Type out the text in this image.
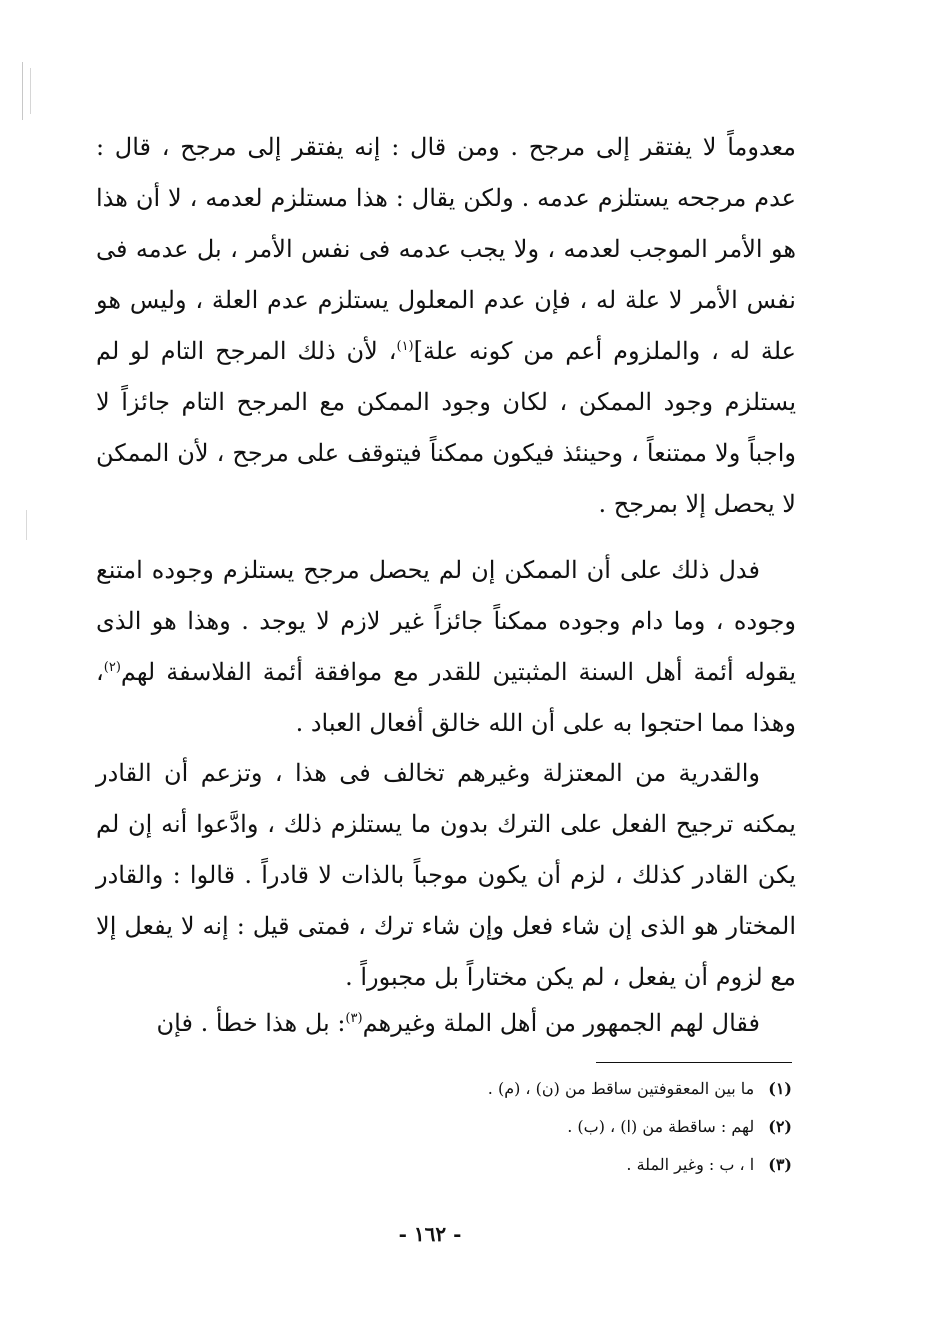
معدوماً لا يفتقر إلى مرجح . ومن قال : إنه يفتقر إلى مرجح ، قال : عدم مرجحه يستلزم عدمه . ولكن يقال : هذا مستلزم لعدمه ، لا أن هذا هو الأمر الموجب لعدمه ، ولا يجب عدمه فى نفس الأمر ، بل عدمه فى نفس الأمر لا علة له ، فإن عدم المعلول يستلزم عدم العلة ، وليس هو علة له ، والملزوم أعم من كونه علة]$^{(١)}$، لأن ذلك المرجح التام لو لم يستلزم وجود الممكن ، لكان وجود الممكن مع المرجح التام جائزاً لا واجباً ولا ممتنعاً ، وحينئذ فيكون ممكناً فيتوقف على مرجح ، لأن الممكن لا يحصل إلا بمرجح .

فدل ذلك على أن الممكن إن لم يحصل مرجح يستلزم وجوده امتنع وجوده ، وما دام وجوده ممكناً جائزاً غير لازم لا يوجد . وهذا هو الذى يقوله أئمة أهل السنة المثبتين للقدر مع موافقة أئمة الفلاسفة لهم$^{(٢)}$، وهذا مما احتجوا به على أن الله خالق أفعال العباد .

والقدرية من المعتزلة وغيرهم تخالف فى هذا ، وتزعم أن القادر يمكنه ترجيح الفعل على الترك بدون ما يستلزم ذلك ، وادَّعوا أنه إن لم يكن القادر كذلك ، لزم أن يكون موجباً بالذات لا قادراً . قالوا : والقادر المختار هو الذى إن شاء فعل وإن شاء ترك ، فمتى قيل : إنه لا يفعل إلا مع لزوم أن يفعل ، لم يكن مختاراً بل مجبوراً .

فقال لهم الجمهور من أهل الملة وغيرهم$^{(٣)}$: بل هذا خطأ . فإن

(١)ما بين المعقوفتين ساقط من (ن) ، (م) .
(٢)لهم : ساقطة من (ا) ، (ب) .
(٣)ا ، ب : وغير الملة .
- ١٦٢ -
